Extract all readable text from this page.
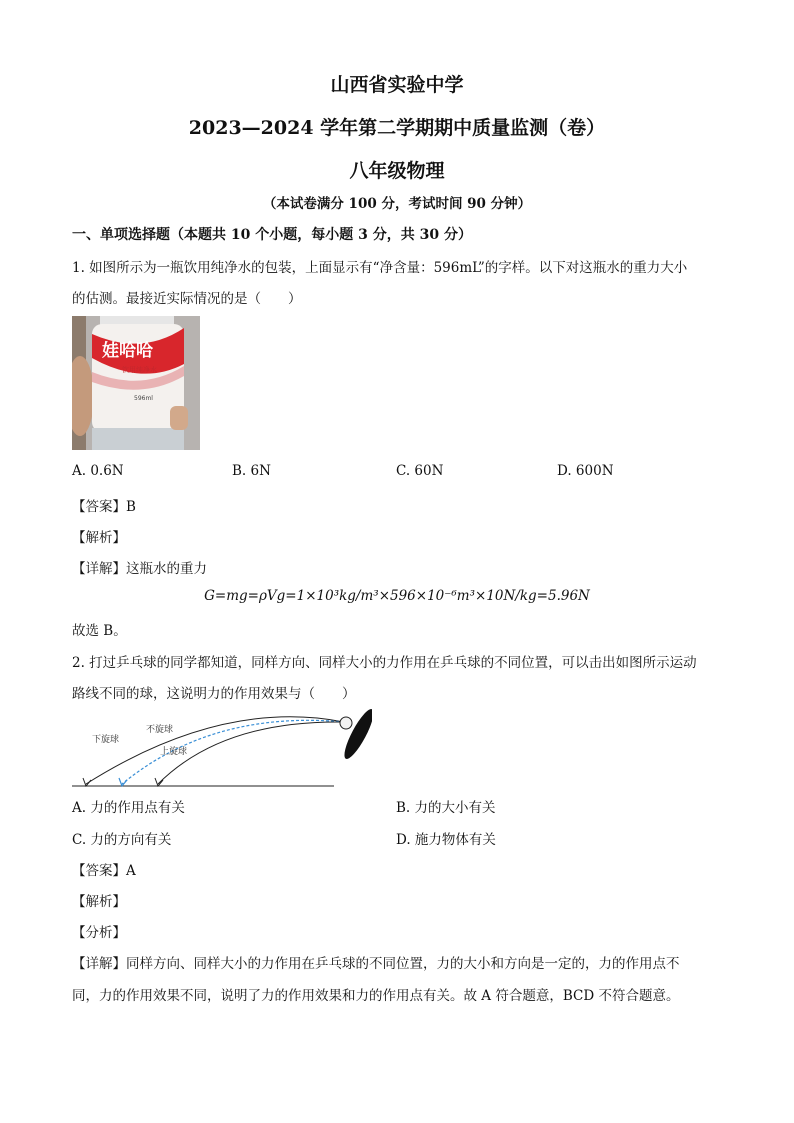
山西省实验中学
2023—2024 学年第二学期期中质量监测（卷）
八年级物理
（本试卷满分 100 分，考试时间 90 分钟）
一、单项选择题（本题共 10 个小题，每小题 3 分，共 30 分）
1. 如图所示为一瓶饮用纯净水的包装，上面显示有“净含量：596mL”的字样。以下对这瓶水的重力大小
的估测。最接近实际情况的是（　　）
娃哈哈
饮用纯净水
596ml
A. 0.6N	B. 6N	C. 60N	D. 600N
【答案】B
【解析】
【详解】这瓶水的重力
G=mg=ρVg=1×10³kg/m³×596×10⁻⁶m³×10N/kg=5.96N
故选 B。
2. 打过乒乓球的同学都知道，同样方向、同样大小的力作用在乒乓球的不同位置，可以击出如图所示运动
路线不同的球，这说明力的作用效果与（　　）
下旋球
不旋球
上旋球
A. 力的作用点有关	B. 力的大小有关
C. 力的方向有关	D. 施力物体有关
【答案】A
【解析】
【分析】
【详解】同样方向、同样大小的力作用在乒乓球的不同位置，力的大小和方向是一定的，力的作用点不
同，力的作用效果不同，说明了力的作用效果和力的作用点有关。故 A 符合题意，BCD 不符合题意。
